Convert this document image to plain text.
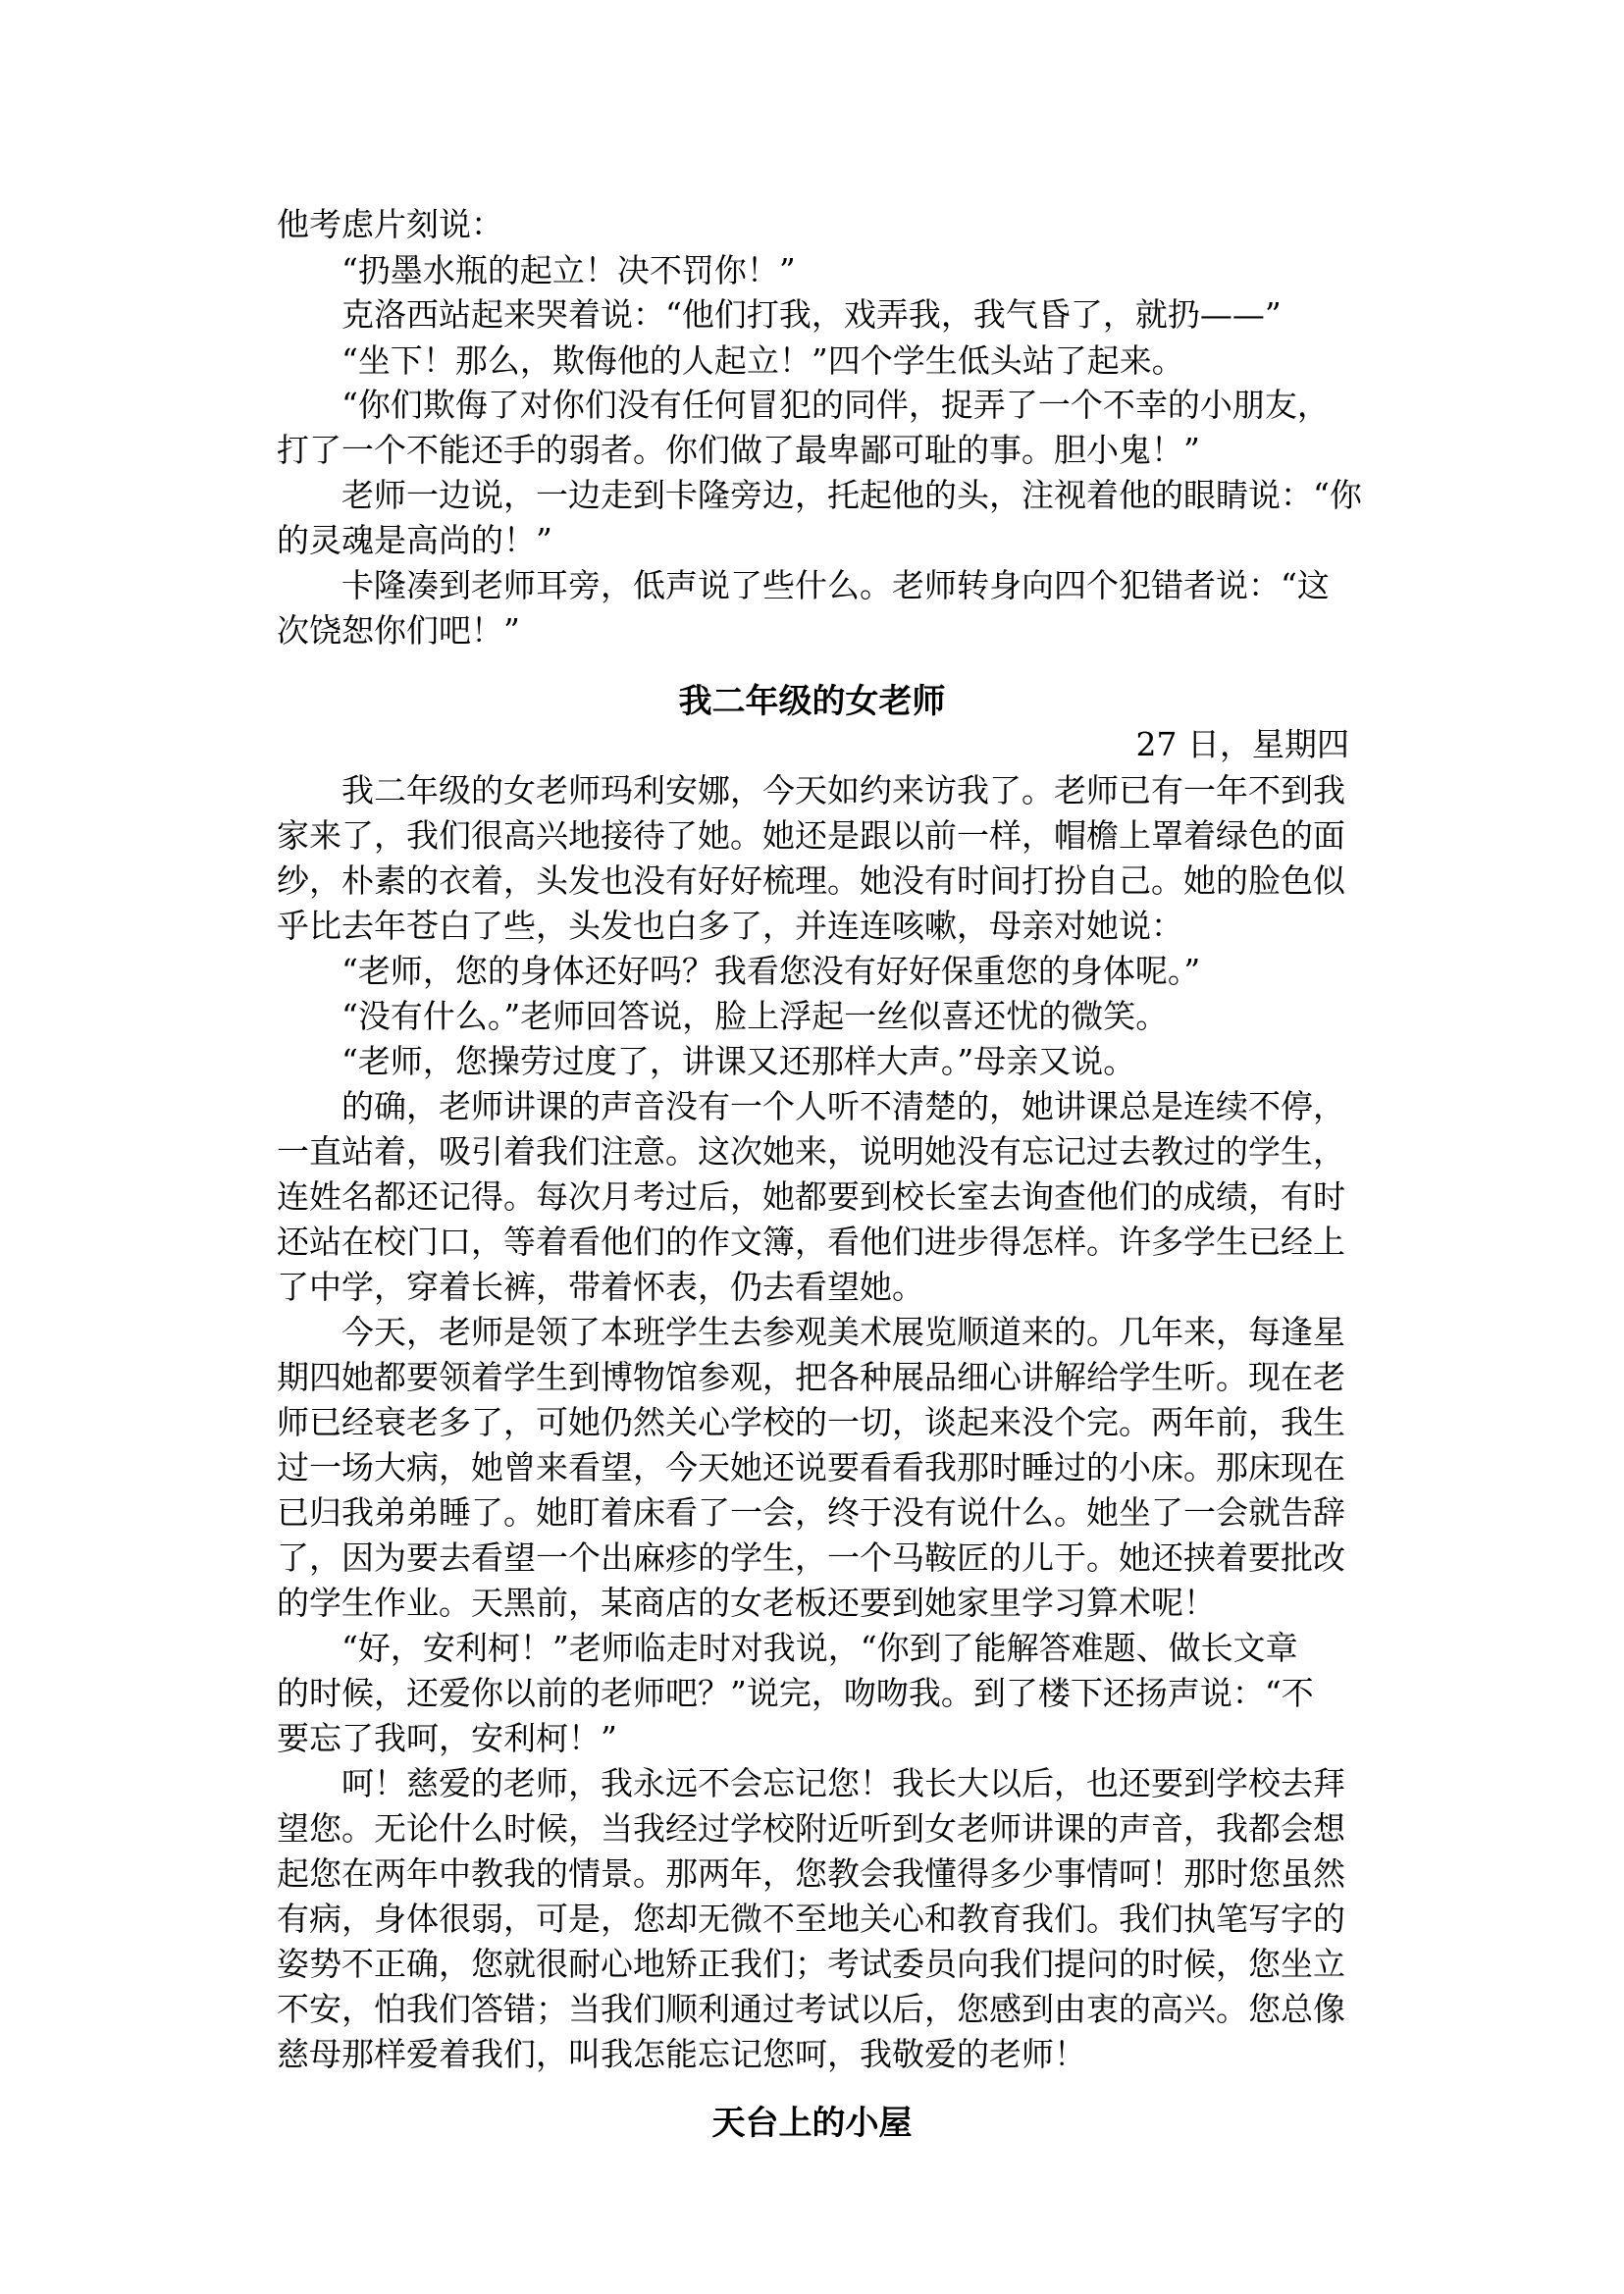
他考虑片刻说：
“扔墨水瓶的起立！决不罚你！”
克洛西站起来哭着说：“他们打我，戏弄我，我气昏了，就扔——”
“坐下！那么，欺侮他的人起立！”四个学生低头站了起来。
“你们欺侮了对你们没有任何冒犯的同伴，捉弄了一个不幸的小朋友，
打了一个不能还手的弱者。你们做了最卑鄙可耻的事。胆小鬼！”
老师一边说，一边走到卡隆旁边，托起他的头，注视着他的眼睛说：“你
的灵魂是高尚的！”
卡隆凑到老师耳旁，低声说了些什么。老师转身向四个犯错者说：“这
次饶恕你们吧！”
我二年级的女老师
27 日，星期四
我二年级的女老师玛利安娜，今天如约来访我了。老师已有一年不到我
家来了，我们很高兴地接待了她。她还是跟以前一样，帽檐上罩着绿色的面
纱，朴素的衣着，头发也没有好好梳理。她没有时间打扮自己。她的脸色似
乎比去年苍白了些，头发也白多了，并连连咳嗽，母亲对她说：
“老师，您的身体还好吗？我看您没有好好保重您的身体呢。”
“没有什么。”老师回答说，脸上浮起一丝似喜还忧的微笑。
“老师，您操劳过度了，讲课又还那样大声。”母亲又说。
的确，老师讲课的声音没有一个人听不清楚的，她讲课总是连续不停，
一直站着，吸引着我们注意。这次她来，说明她没有忘记过去教过的学生，
连姓名都还记得。每次月考过后，她都要到校长室去询查他们的成绩，有时
还站在校门口，等着看他们的作文簿，看他们进步得怎样。许多学生已经上
了中学，穿着长裤，带着怀表，仍去看望她。
今天，老师是领了本班学生去参观美术展览顺道来的。几年来，每逢星
期四她都要领着学生到博物馆参观，把各种展品细心讲解给学生听。现在老
师已经衰老多了，可她仍然关心学校的一切，谈起来没个完。两年前，我生
过一场大病，她曾来看望，今天她还说要看看我那时睡过的小床。那床现在
已归我弟弟睡了。她盯着床看了一会，终于没有说什么。她坐了一会就告辞
了，因为要去看望一个出麻疹的学生，一个马鞍匠的儿于。她还挟着要批改
的学生作业。天黑前，某商店的女老板还要到她家里学习算术呢！
“好，安利柯！”老师临走时对我说，“你到了能解答难题、做长文章
的时候，还爱你以前的老师吧？”说完，吻吻我。到了楼下还扬声说：“不
要忘了我呵，安利柯！”
呵！慈爱的老师，我永远不会忘记您！我长大以后，也还要到学校去拜
望您。无论什么时候，当我经过学校附近听到女老师讲课的声音，我都会想
起您在两年中教我的情景。那两年，您教会我懂得多少事情呵！那时您虽然
有病，身体很弱，可是，您却无微不至地关心和教育我们。我们执笔写字的
姿势不正确，您就很耐心地矫正我们；考试委员向我们提问的时候，您坐立
不安，怕我们答错；当我们顺利通过考试以后，您感到由衷的高兴。您总像
慈母那样爱着我们，叫我怎能忘记您呵，我敬爱的老师！
天台上的小屋
